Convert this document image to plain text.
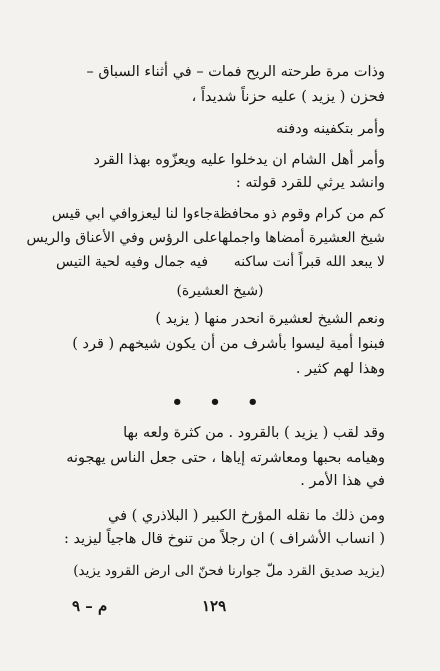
وذات مرة طرحته الريح فمات – في أثناء السباق –
فحزن ( يزيد ) عليه حزناً شديداً ،
وأمر بتكفينه ودفنه
وأمر أهل الشام ان يدخلوا عليه ويعزّوه بهذا القرد
وانشد يرثي للقرد قولته :
كم من كرام وقوم ذو محافظة
جاءوا لنا ليعزوافي ابي قيس
شيخ العشيرة أمضاها واجملها
على الرؤس وفي الأعناق والريس
لا يبعد الله قبراً أنت ساكنه
فيه جمال وفيه لحية التيس
(شيخ العشيرة)
ونعم الشيخ لعشيرة انحدر منها ( يزيد )
فبنوا أمية ليسوا بأشرف من أن يكون شيخهم ( قرد )
وهذا لهم كثير .
• • •
وقد لقب ( يزيد ) بالقرود . من كثرة ولعه بها
وهيامه بحبها ومعاشرته إياها ، حتى جعل الناس يهجونه
في هذا الأمر .
ومن ذلك ما نقله المؤرخ الكبير ( البلاذري ) في
( انساب الأشراف ) ان رجلاً من تنوخ قال هاجياً ليزيد :
(يزيد صديق القرد ملّ جوارنا فحنّ الى ارض القرود يزيد)
١٢٩
م – ٩
